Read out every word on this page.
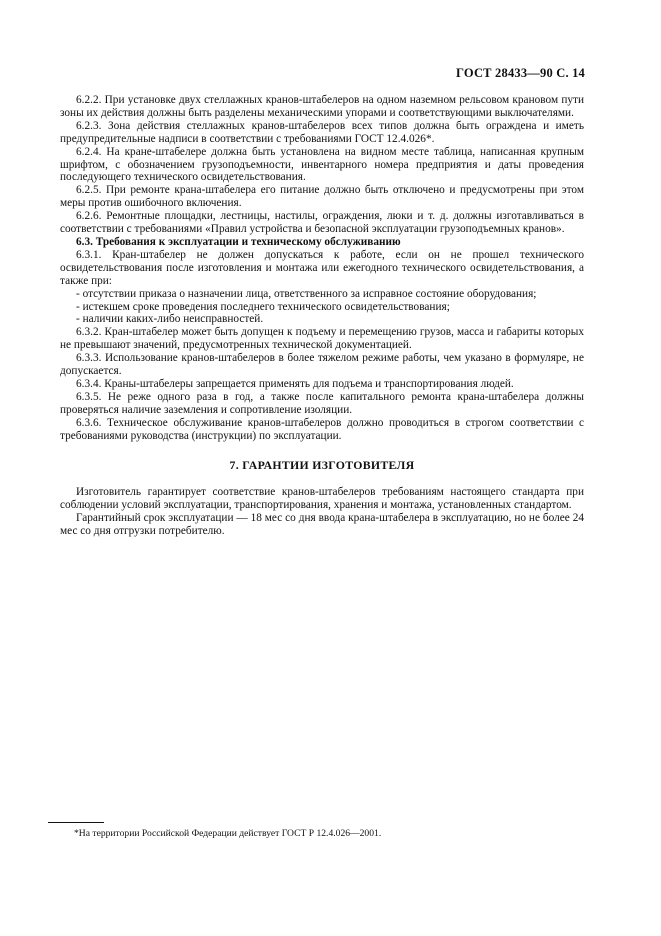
ГОСТ 28433—90 С. 14

6.2.2. При установке двух стеллажных кранов-штабелеров на одном наземном рельсовом крановом пути зоны их действия должны быть разделены механическими упорами и соответствующими выключателями.

6.2.3. Зона действия стеллажных кранов-штабелеров всех типов должна быть ограждена и иметь предупредительные надписи в соответствии с требованиями ГОСТ 12.4.026*.

6.2.4. На кране-штабелере должна быть установлена на видном месте таблица, написанная крупным шрифтом, с обозначением грузоподъемности, инвентарного номера предприятия и даты проведения последующего технического освидетельствования.

6.2.5. При ремонте крана-штабелера его питание должно быть отключено и предусмотрены при этом меры против ошибочного включения.

6.2.6. Ремонтные площадки, лестницы, настилы, ограждения, люки и т. д. должны изготавливаться в соответствии с требованиями «Правил устройства и безопасной эксплуатации грузоподъемных кранов».

6.3. Требования к эксплуатации и техническому обслуживанию

6.3.1. Кран-штабелер не должен допускаться к работе, если он не прошел технического освидетельствования после изготовления и монтажа или ежегодного технического освидетельствования, а также при:

- отсутствии приказа о назначении лица, ответственного за исправное состояние оборудования;

- истекшем сроке проведения последнего технического освидетельствования;

- наличии каких-либо неисправностей.

6.3.2. Кран-штабелер может быть допущен к подъему и перемещению грузов, масса и габариты которых не превышают значений, предусмотренных технической документацией.

6.3.3. Использование кранов-штабелеров в более тяжелом режиме работы, чем указано в формуляре, не допускается.

6.3.4. Краны-штабелеры запрещается применять для подъема и транспортирования людей.

6.3.5. Не реже одного раза в год, а также после капитального ремонта крана-штабелера должны проверяться наличие заземления и сопротивление изоляции.

6.3.6. Техническое обслуживание кранов-штабелеров должно проводиться в строгом соответствии с требованиями руководства (инструкции) по эксплуатации.

7. ГАРАНТИИ ИЗГОТОВИТЕЛЯ

Изготовитель гарантирует соответствие кранов-штабелеров требованиям настоящего стандарта при соблюдении условий эксплуатации, транспортирования, хранения и монтажа, установленных стандартом.

Гарантийный срок эксплуатации — 18 мес со дня ввода крана-штабелера в эксплуатацию, но не более 24 мес со дня отгрузки потребителю.

*На территории Российской Федерации действует ГОСТ Р 12.4.026—2001.
